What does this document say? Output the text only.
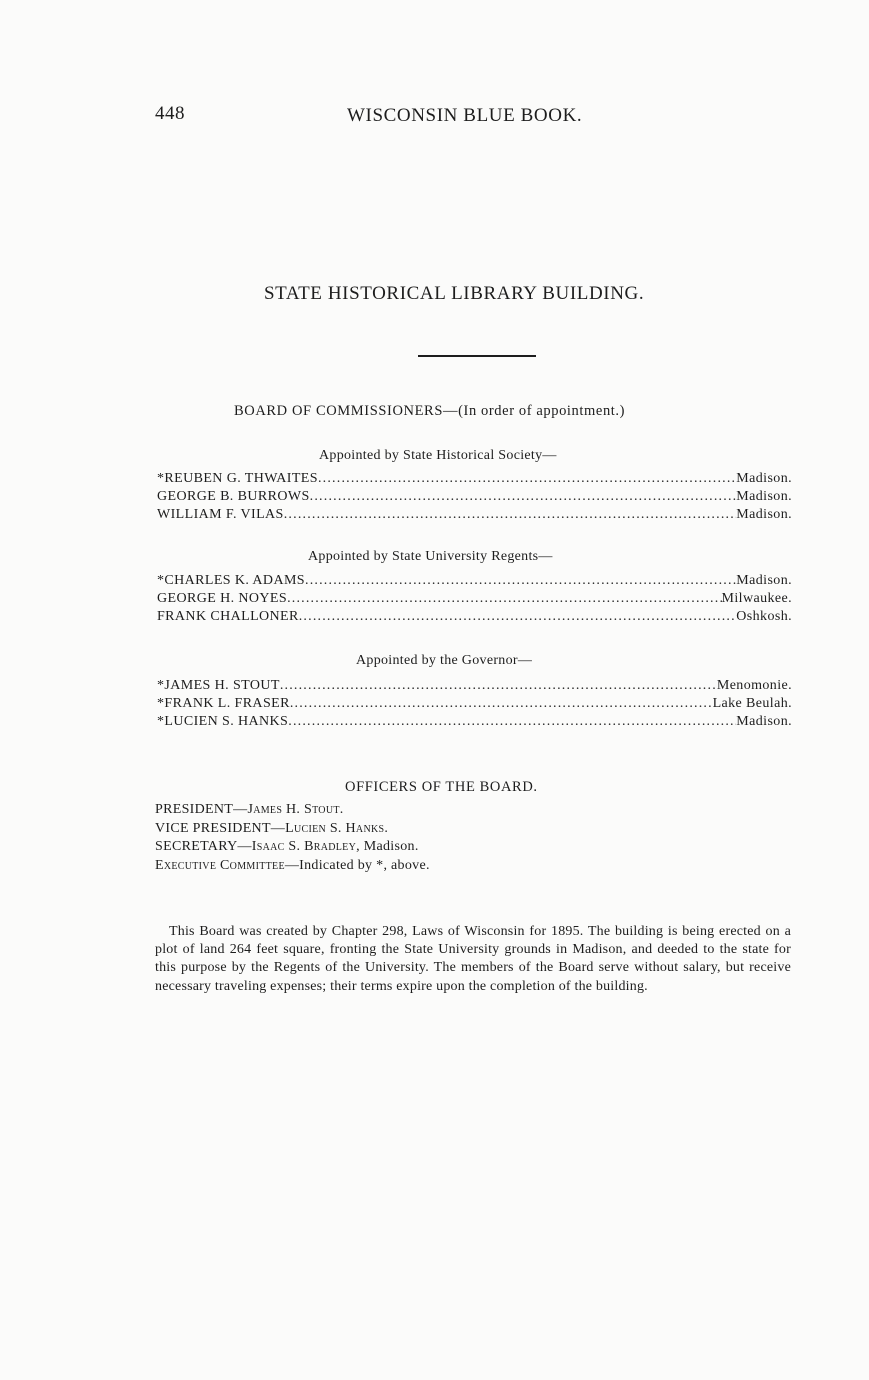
448	WISCONSIN BLUE BOOK.
STATE HISTORICAL LIBRARY BUILDING.
BOARD OF COMMISSIONERS—(In order of appointment.)
Appointed by State Historical Society—
*REUBEN G. THWAITES .....	Madison.
GEORGE B. BURROWS .....	Madison.
WILLIAM F. VILAS .....	Madison.
Appointed by State University Regents—
*CHARLES K. ADAMS .....	Madison.
GEORGE H. NOYES .....	Milwaukee.
FRANK CHALLONER .....	Oshkosh.
Appointed by the Governor—
*JAMES H. STOUT .....	Menomonie.
*FRANK L. FRASER .....	Lake Beulah.
*LUCIEN S. HANKS .....	Madison.
OFFICERS OF THE BOARD.
PRESIDENT—James H. Stout.
VICE PRESIDENT—Lucien S. Hanks.
SECRETARY—Isaac S. Bradley, Madison.
Executive Committee—Indicated by *, above.
This Board was created by Chapter 298, Laws of Wisconsin for 1895. The building is being erected on a plot of land 264 feet square, fronting the State University grounds in Madison, and deeded to the state for this purpose by the Regents of the University. The members of the Board serve without salary, but receive necessary traveling expenses; their terms expire upon the completion of the building.
